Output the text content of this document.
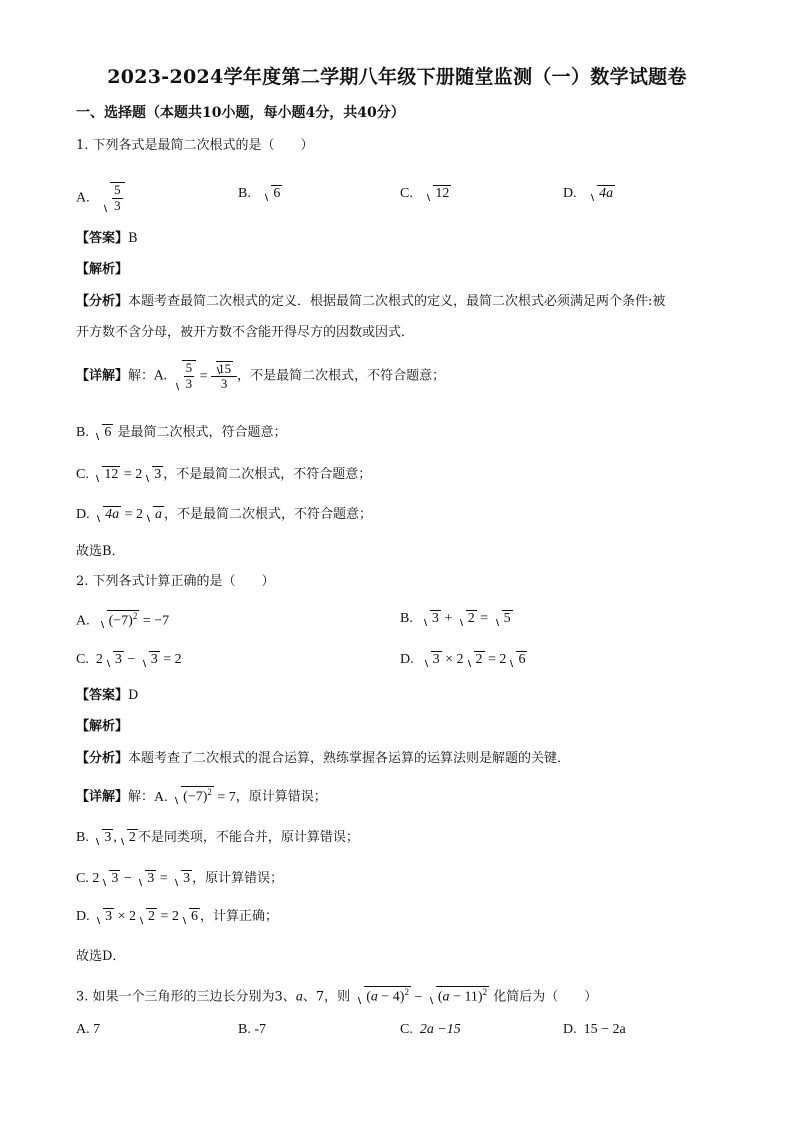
2023-2024学年度第二学期八年级下册随堂监测（一）数学试题卷
一、选择题（本题共10小题，每小题4分，共40分）
1. 下列各式是最简二次根式的是（　　）
A. $\frac{5}{3}$	B. 6	C. 12	D. 4a
【答案】B
【解析】
【分析】本题考查最简二次根式的定义．根据最简二次根式的定义，最简二次根式必须满足两个条件:被
开方数不含分母，被开方数不含能开得尽方的因数或因式．
【详解】解：A. $\frac{5}{3} = \frac{15}{3}$ ，不是最简二次根式，不符合题意；
B. 6 是最简二次根式，符合题意；
C. 12 = 2 3 ，不是最简二次根式，不符合题意；
D. 4a = 2 a ，不是最简二次根式，不符合题意；
故选B．
2. 下列各式计算正确的是（　　）
A.  $(-7)^2 = -7$	B.  3 + 2 = 5
C.  2 3 − 3 = 2	D.  3 × 2 2 = 2 6
【答案】D
【解析】
【分析】本题考查了二次根式的混合运算，熟练掌握各运算的运算法则是解题的关键．
【详解】解：A. $(-7)^2 = 7$，原计算错误；
B. 3 , 2 不是同类项，不能合并，原计算错误；
C. 2 3 − 3 = 3 ，原计算错误；
D. 3 × 2 2 = 2 6 ，计算正确；
故选D．
3. 如果一个三角形的三边长分别为3、a、7，则 $(a - 4)^2 - (a - 11)^2$ 化简后为（　　）
A. 7	B. -7	C. 2a −15	D. 15 − 2a
